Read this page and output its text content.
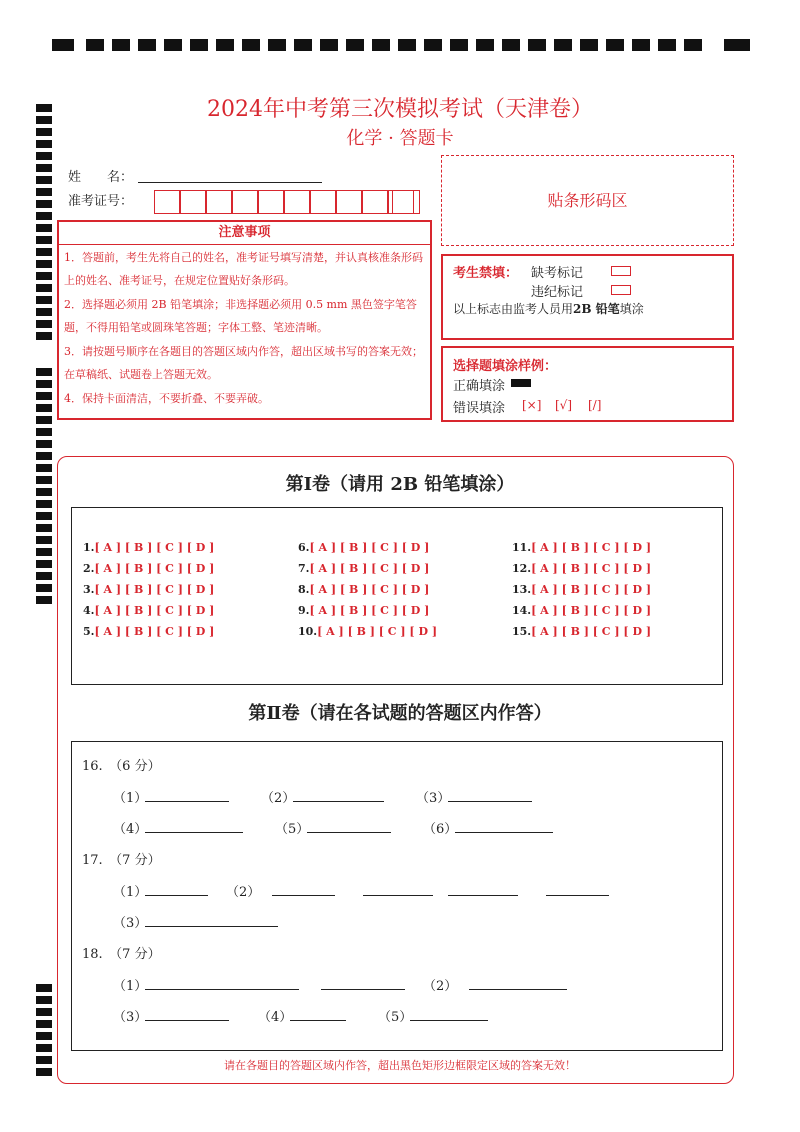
2024年中考第三次模拟考试（天津卷）
化学 · 答题卡
姓　　名：
准考证号：	贴条形码区
注意事项
1．答题前，考生先将自己的姓名，准考证号填写清楚，并认真核准条形码上的姓名、准考证号，在规定位置贴好条形码。
2．选择题必须用 2B 铅笔填涂；非选择题必须用 0.5 mm 黑色签字笔答题，不得用铅笔或圆珠笔答题；字体工整、笔迹清晰。
3．请按题号顺序在各题目的答题区域内作答，超出区域书写的答案无效；在草稿纸、试题卷上答题无效。
4．保持卡面清洁，不要折叠、不要弄破。
考生禁填： 缺考标记
违纪标记
以上标志由监考人员用2B 铅笔填涂
选择题填涂样例：
正确填涂
错误填涂 [×] [√] [/]
第Ⅰ卷（请用 2B 铅笔填涂）
1.[ A ] [ B ] [ C ] [ D ]
2.[ A ] [ B ] [ C ] [ D ]
3.[ A ] [ B ] [ C ] [ D ]
4.[ A ] [ B ] [ C ] [ D ]
5.[ A ] [ B ] [ C ] [ D ]
6.[ A ] [ B ] [ C ] [ D ]
7.[ A ] [ B ] [ C ] [ D ]
8.[ A ] [ B ] [ C ] [ D ]
9.[ A ] [ B ] [ C ] [ D ]
10.[ A ] [ B ] [ C ] [ D ]
11.[ A ] [ B ] [ C ] [ D ]
12.[ A ] [ B ] [ C ] [ D ]
13.[ A ] [ B ] [ C ] [ D ]
14.[ A ] [ B ] [ C ] [ D ]
15.[ A ] [ B ] [ C ] [ D ]
第Ⅱ卷（请在各试题的答题区内作答）
16.　（6 分）
（1）	（2）	（3）
（4）	（5）	（6）
17.　（7 分）
（1）	（2）
（3）
18.　（7 分）
（1）	（2）
（3）	（4）	（5）
请在各题目的答题区域内作答，超出黑色矩形边框限定区域的答案无效！
